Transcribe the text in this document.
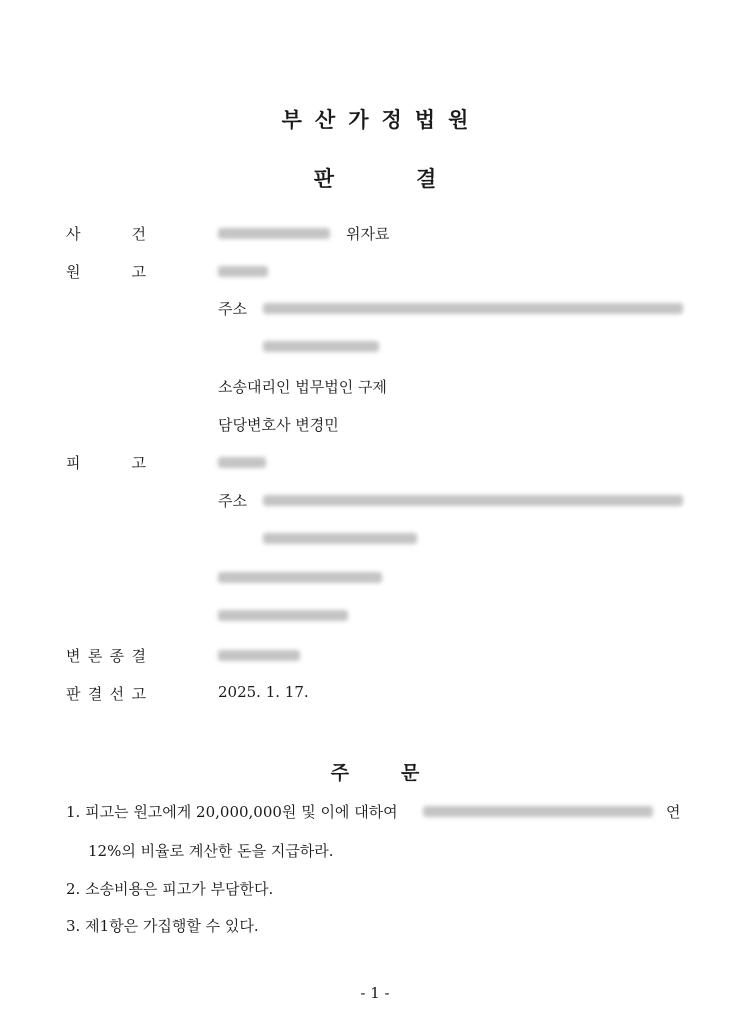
부산가정법원
판	결
사	건	위자료
원	고
주소
소송대리인 법무법인 구제
담당변호사 변경민
피	고
주소
변 론 종 결
판 결 선 고	2025. 1. 17.
주	문
1. 피고는 원고에게 20,000,000원 및 이에 대하여	연
12%의 비율로 계산한 돈을 지급하라.
2. 소송비용은 피고가 부담한다.
3. 제1항은 가집행할 수 있다.
- 1 -
